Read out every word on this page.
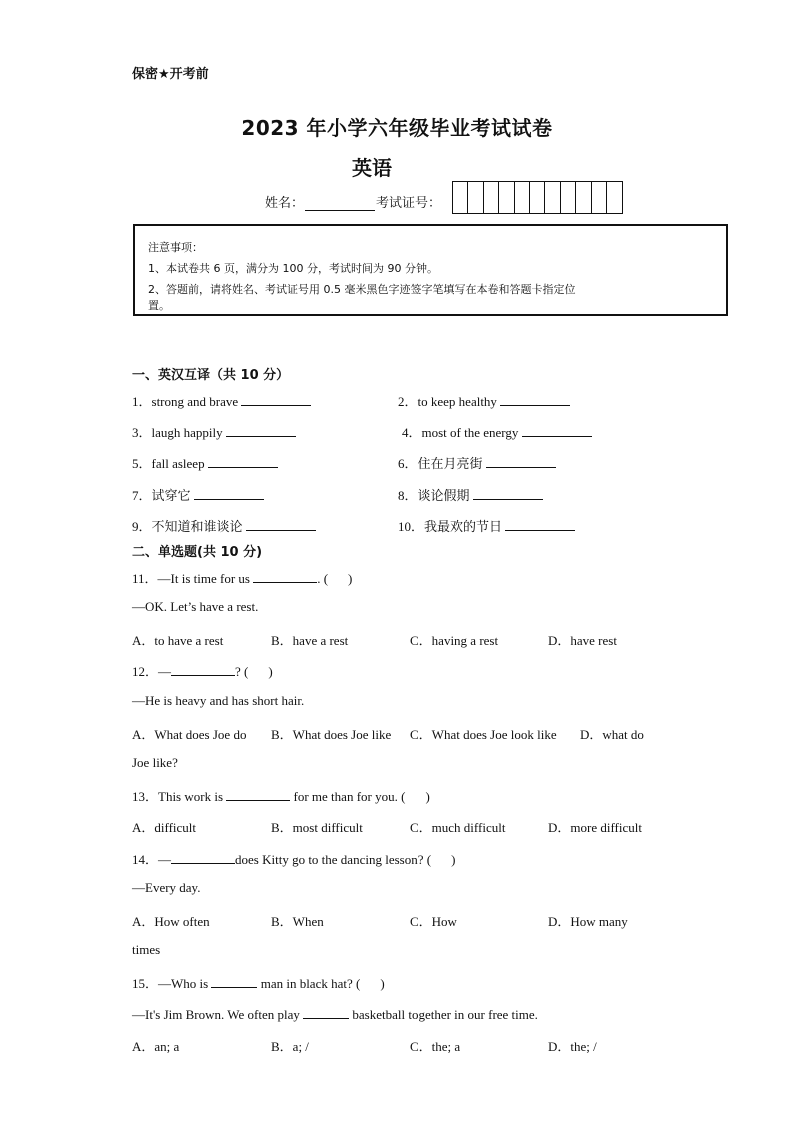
保密★开考前
2023 年小学六年级毕业考试试卷
英语
姓名：	考试证号：
注意事项：
1、本试卷共 6 页，满分为 100 分，考试时间为 90 分钟。
2、答题前，请将姓名、考试证号用 0.5 毫米黑色字迹签字笔填写在本卷和答题卡指定位
置。
一、英汉互译（共 10 分）
1．strong and brave	2．to keep healthy
3．laugh happily	4．most of the energy
5．fall asleep	6．住在月亮街
7．试穿它	8．谈论假期
9．不知道和谁谈论	10．我最欢的节日
二、单选题(共 10 分)
11．—It is time for us	. ( )
—OK. Let’s have a rest.
A．to have a rest	B．have a rest	C．having a rest	D．have rest
12．—	? ( )
—He is heavy and has short hair.
A．What does Joe do B．What does Joe like C．What does Joe look like D．what do
Joe like?
13．This work is	for me than for you. ( )
A．difficult	B．most difficult	C．much difficult	D．more difficult
14．—	does Kitty go to the dancing lesson? ( )
—Every day.
A．How often	B．When	C．How	D．How many
times
15．—Who is	man in black hat? ( )
—It's Jim Brown. We often play	basketball together in our free time.
A．an; a	B．a; /	C．the; a	D．the; /
